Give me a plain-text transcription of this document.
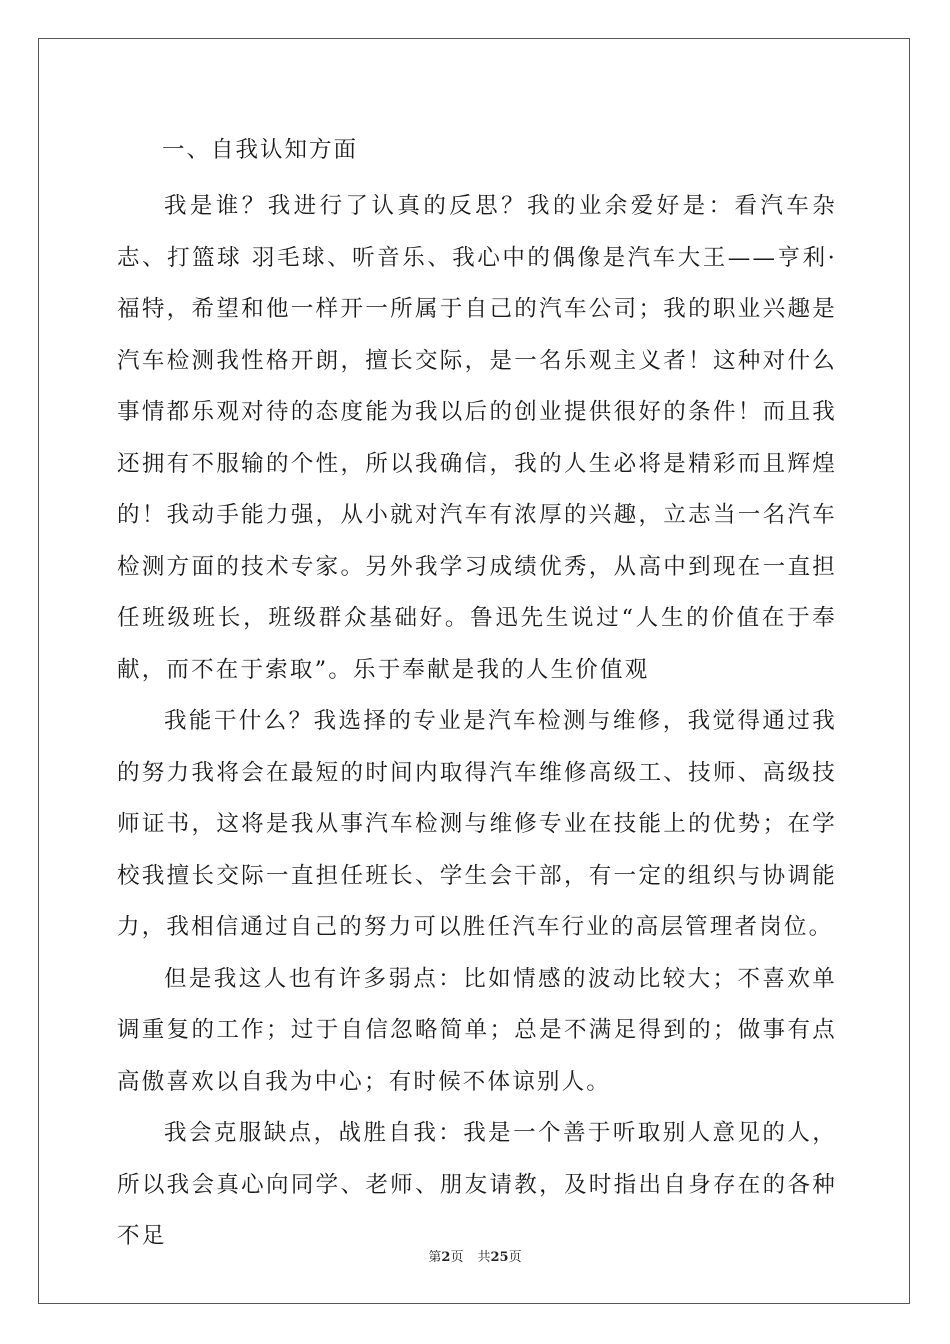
一、自我认知方面

我是谁？我进行了认真的反思？我的业余爱好是：看汽车杂志、打篮球 羽毛球、听音乐、我心中的偶像是汽车大王——亨利·福特，希望和他一样开一所属于自己的汽车公司；我的职业兴趣是汽车检测我性格开朗，擅长交际，是一名乐观主义者！这种对什么事情都乐观对待的态度能为我以后的创业提供很好的条件！而且我还拥有不服输的个性，所以我确信，我的人生必将是精彩而且辉煌的！我动手能力强，从小就对汽车有浓厚的兴趣，立志当一名汽车检测方面的技术专家。另外我学习成绩优秀，从高中到现在一直担任班级班长，班级群众基础好。鲁迅先生说过“人生的价值在于奉献，而不在于索取”。乐于奉献是我的人生价值观

我能干什么？我选择的专业是汽车检测与维修，我觉得通过我的努力我将会在最短的时间内取得汽车维修高级工、技师、高级技师证书，这将是我从事汽车检测与维修专业在技能上的优势；在学校我擅长交际一直担任班长、学生会干部，有一定的组织与协调能力，我相信通过自己的努力可以胜任汽车行业的高层管理者岗位。

但是我这人也有许多弱点：比如情感的波动比较大；不喜欢单调重复的工作；过于自信忽略简单；总是不满足得到的；做事有点高傲喜欢以自我为中心；有时候不体谅别人。

我会克服缺点，战胜自我：我是一个善于听取别人意见的人，所以我会真心向同学、老师、朋友请教，及时指出自身存在的各种不足

第2页 共25页
